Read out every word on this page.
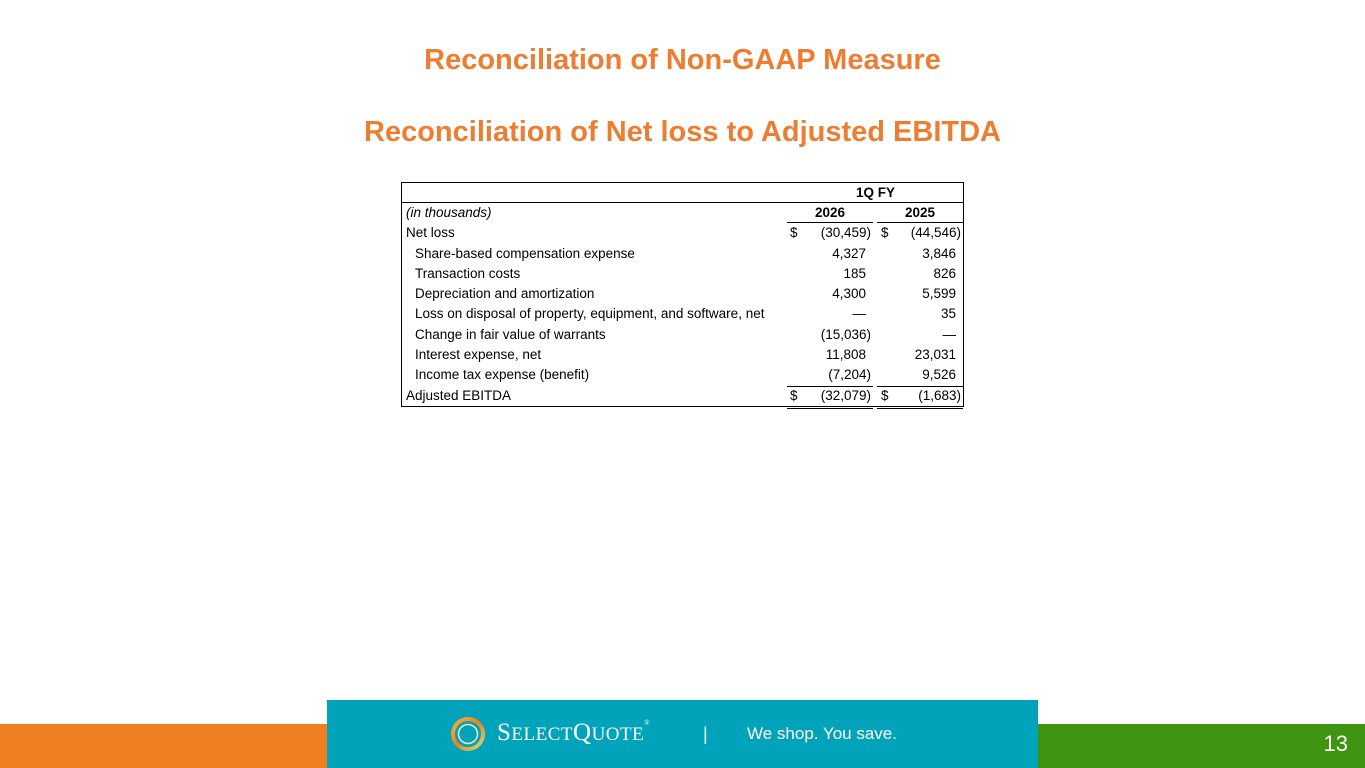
Reconciliation of Non-GAAP Measure
Reconciliation of Net loss to Adjusted EBITDA
1Q FY
(in thousands)	2026	2025
Net loss	$	(30,459) $	(44,546)
Share-based compensation expense	4,327	3,846
Transaction costs	185	826
Depreciation and amortization	4,300	5,599
Loss on disposal of property, equipment, and software, net	—	35
Change in fair value of warrants	(15,036)	—
Interest expense, net	11,808	23,031
Income tax expense (benefit)	(7,204)	9,526
Adjusted EBITDA	$	(32,079) $	(1,683)
SELECTQUOTE®
| We shop. You save.	13
